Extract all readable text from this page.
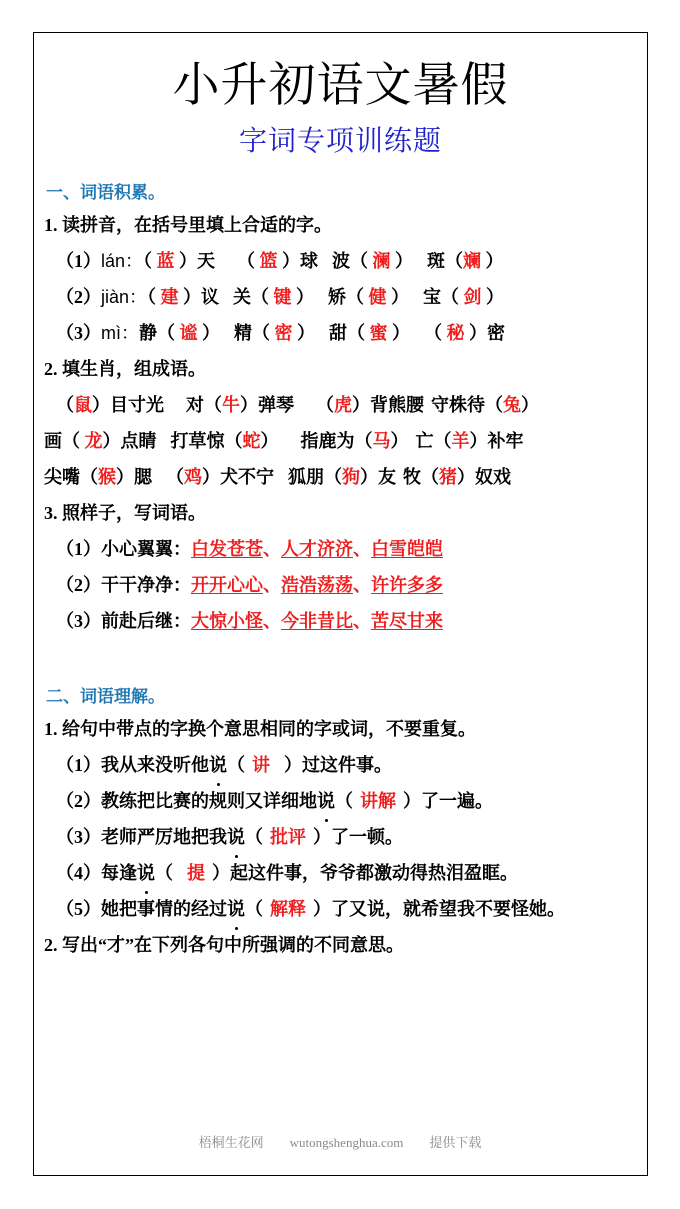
小升初语文暑假
字词专项训练题
一、词语积累。
1. 读拼音，在括号里填上合适的字。
（1）lán：（ 蓝 ）天 （ 篮 ）球 波（ 澜 ） 斑（斓 ）
（2）jiàn：（ 建 ）议 关（ 键 ） 矫（ 健 ） 宝（ 剑 ）
（3）mì：静（ 谧 ） 精（ 密 ） 甜（ 蜜 ） （ 秘 ）密
2. 填生肖，组成语。
（鼠）目寸光 对（牛）弹琴 （虎）背熊腰 守株待（兔）
画（ 龙）点睛 打草惊（蛇） 指鹿为（马） 亡（羊）补牢
尖嘴（猴）腮 （鸡）犬不宁 狐朋（狗）友 牧（猪）奴戏
3. 照样子，写词语。
（1）小心翼翼：白发苍苍、人才济济、白雪皑皑
（2）干干净净：开开心心、浩浩荡荡、许许多多
（3）前赴后继：大惊小怪、今非昔比、苦尽甘来
二、词语理解。
1. 给句中带点的字换个意思相同的字或词，不要重复。
（1）我从来没听他说（ 讲 ）过这件事。
（2）教练把比赛的规则又详细地说（ 讲解 ）了一遍。
（3）老师严厉地把我说（ 批评 ）了一顿。
（4）每逢说（ 提 ）起这件事，爷爷都激动得热泪盈眶。
（5）她把事情的经过说（ 解释 ）了又说，就希望我不要怪她。
2. 写出“才”在下列各句中所强调的不同意思。
梧桐生花网 wutongshenghua.com 提供下载
